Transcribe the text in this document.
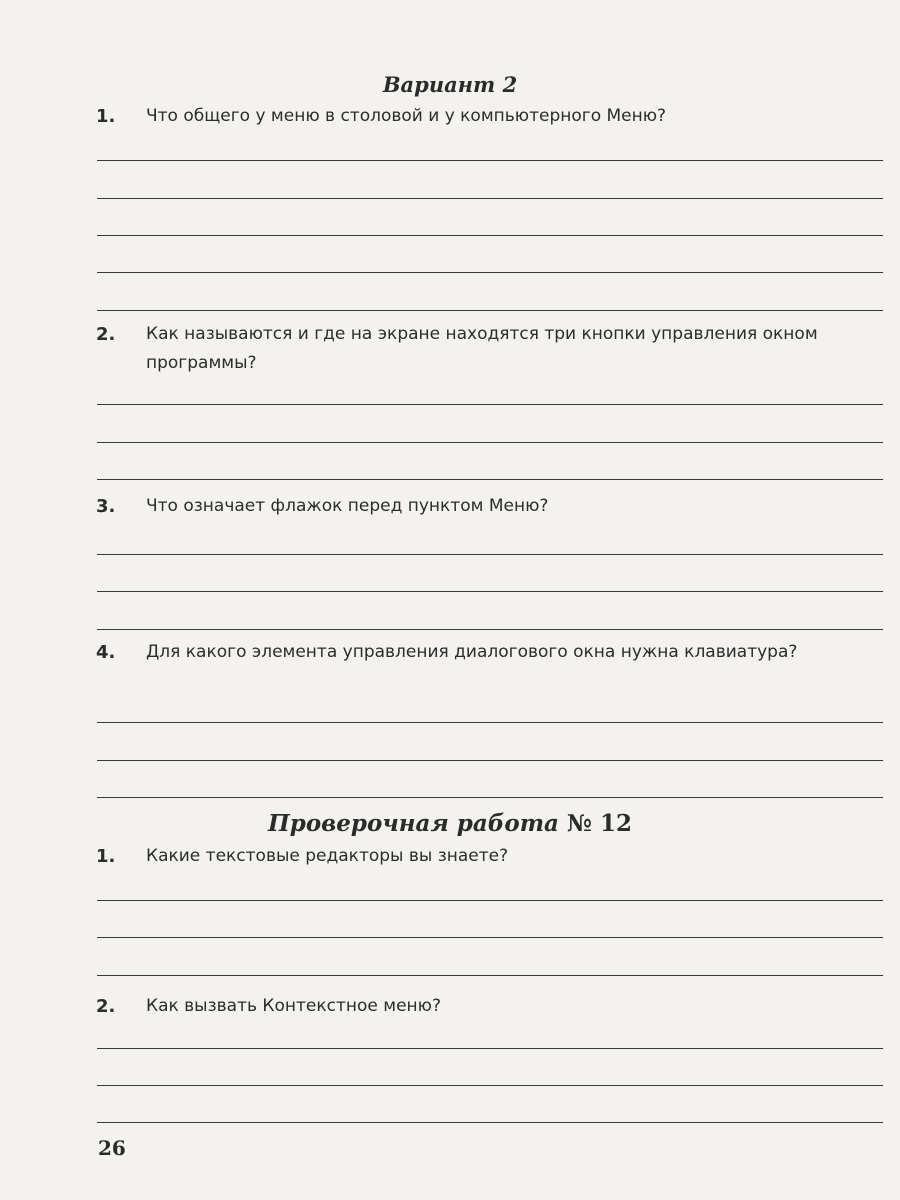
Вариант 2
1. Что общего у меню в столовой и у компьютерного Меню?
2. Как называются и где на экране находятся три кнопки управления окном программы?
3. Что означает флажок перед пунктом Меню?
4. Для какого элемента управления диалогового окна нужна клавиатура?
Проверочная работа № 12
1. Какие текстовые редакторы вы знаете?
2. Как вызвать Контекстное меню?
26
